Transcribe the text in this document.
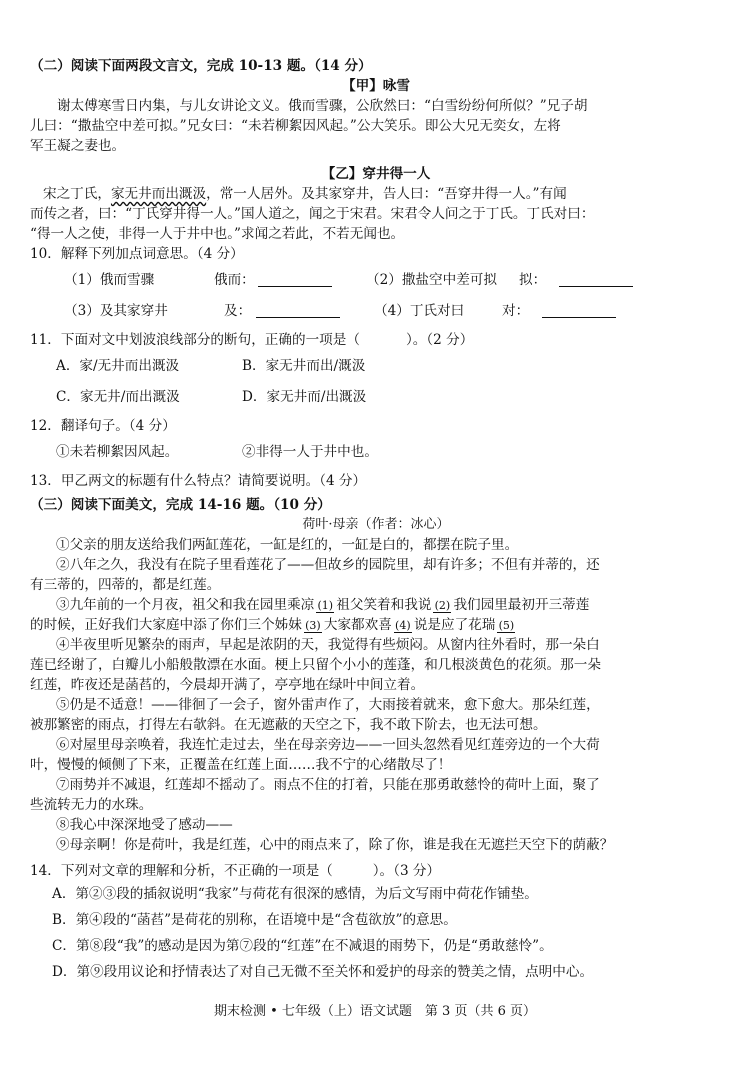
（二）阅读下面两段文言文，完成 10-13 题。（14 分）

【甲】咏雪

谢太傅寒雪日内集，与儿女讲论文义。俄而雪骤，公欣然曰：“白雪纷纷何所似？”兄子胡

儿曰：“撒盐空中差可拟。”兄女曰：“未若柳絮因风起。”公大笑乐。即公大兄无奕女，左将

军王凝之妻也。

【乙】穿井得一人

宋之丁氏，家无井而出溉汲，常一人居外。及其家穿井，告人曰：“吾穿井得一人。”有闻

而传之者，曰：“丁氏穿井得一人。”国人道之，闻之于宋君。宋君令人问之于丁氏。丁氏对曰：

“得一人之使，非得一人于井中也。”求闻之若此，不若无闻也。

10．解释下列加点词意思。（4 分）

（1）俄而雪骤	俄而：	（2）撒盐空中差可拟	拟：
（3）及其家穿井	及：	（4）丁氏对曰	对：

11．下面对文中划波浪线部分的断句，正确的一项是（	）。（2 分）

A．家/无井而出溉汲	B．家无井而出/溉汲
C．家无井/而出溉汲	D．家无井而/出溉汲

12．翻译句子。（4 分）

①未若柳絮因风起。	②非得一人于井中也。

13．甲乙两文的标题有什么特点？请简要说明。（4 分）

（三）阅读下面美文，完成 14-16 题。（10 分）

荷叶·母亲（作者：冰心）

①父亲的朋友送给我们两缸莲花，一缸是红的，一缸是白的，都摆在院子里。

②八年之久，我没有在院子里看莲花了——但故乡的园院里，却有许多；不但有并蒂的，还

有三蒂的，四蒂的，都是红莲。

③九年前的一个月夜，祖父和我在园里乘凉 (1) 祖父笑着和我说 (2) 我们园里最初开三蒂莲

的时候，正好我们大家庭中添了你们三个姊妹 (3) 大家都欢喜 (4) 说是应了花瑞 (5)

④半夜里听见繁杂的雨声，早起是浓阴的天，我觉得有些烦闷。从窗内往外看时，那一朵白

莲已经谢了，白瓣儿小船般散漂在水面。梗上只留个小小的莲蓬，和几根淡黄色的花须。那一朵

红莲，昨夜还是菡萏的，今晨却开满了，亭亭地在绿叶中间立着。

⑤仍是不适意！——徘徊了一会子，窗外雷声作了，大雨接着就来，愈下愈大。那朵红莲，

被那繁密的雨点，打得左右欹斜。在无遮蔽的天空之下，我不敢下阶去，也无法可想。

⑥对屋里母亲唤着，我连忙走过去，坐在母亲旁边——一回头忽然看见红莲旁边的一个大荷

叶，慢慢的倾侧了下来，正覆盖在红莲上面……我不宁的心绪散尽了！

⑦雨势并不减退，红莲却不摇动了。雨点不住的打着，只能在那勇敢慈怜的荷叶上面，聚了

些流转无力的水珠。

⑧我心中深深地受了感动——

⑨母亲啊！你是荷叶，我是红莲，心中的雨点来了，除了你，谁是我在无遮拦天空下的荫蔽？

14．下列对文章的理解和分析，不正确的一项是（	）。（3 分）

A．第②③段的插叙说明“我家”与荷花有很深的感情，为后文写雨中荷花作铺垫。

B．第④段的“菡萏”是荷花的别称，在语境中是“含苞欲放”的意思。

C．第⑧段“我”的感动是因为第⑦段的“红莲”在不减退的雨势下，仍是“勇敢慈怜”。

D．第⑨段用议论和抒情表达了对自己无微不至关怀和爱护的母亲的赞美之情，点明中心。

期末检测 • 七年级（上）语文试题　第 3 页（共 6 页）
